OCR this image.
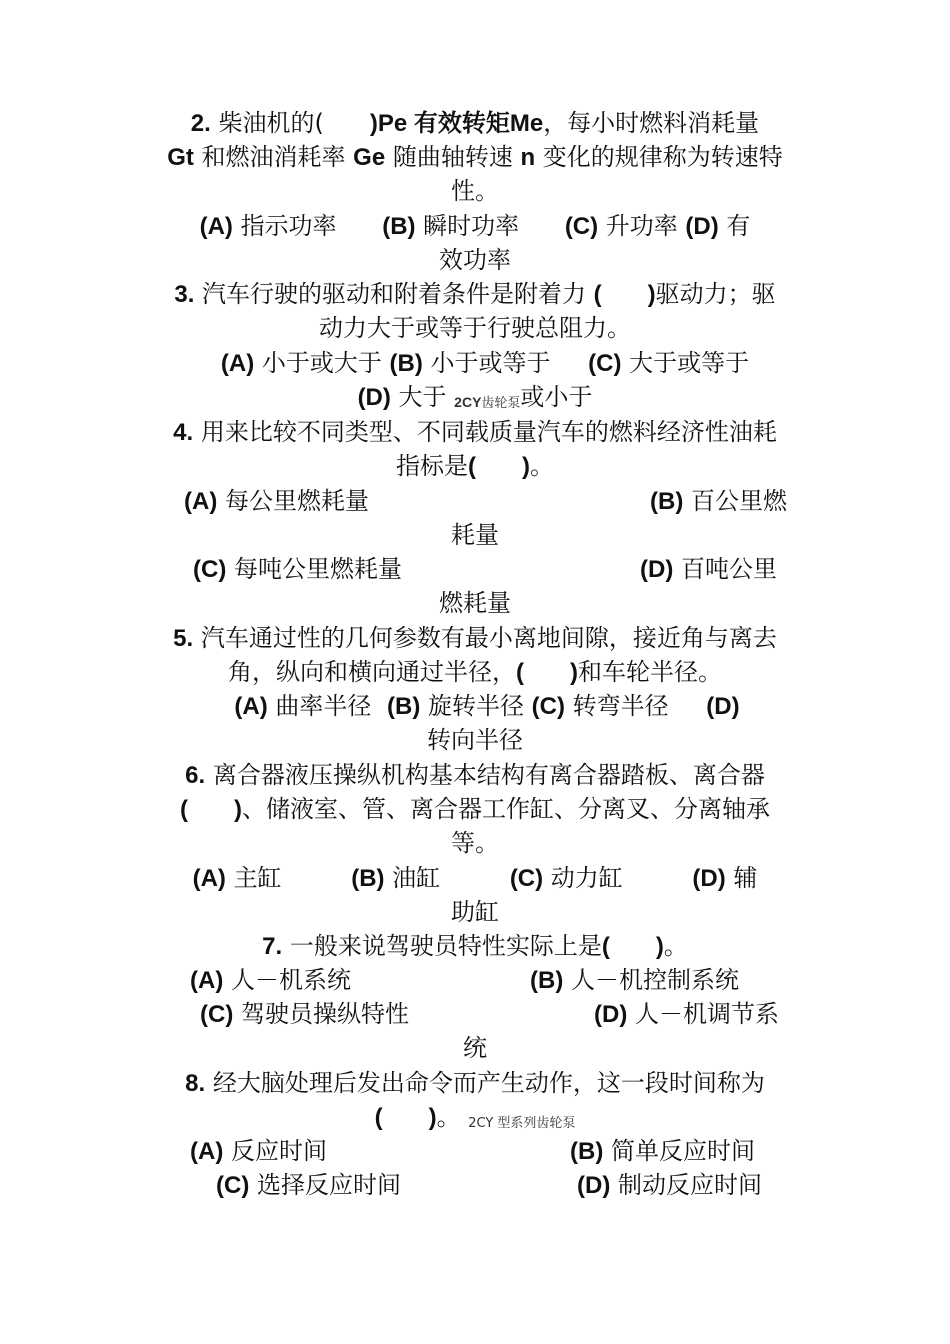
2. 柴油机的( )Pe 有效转矩Me，每小时燃料消耗量
Gt 和燃油消耗率 Ge 随曲轴转速 n 变化的规律称为转速特
性。
(A) 指示功率 (B) 瞬时功率 (C) 升功率 (D) 有
效功率
3. 汽车行驶的驱动和附着条件是附着力 ( )驱动力；驱
动力大于或等于行驶总阻力。
(A) 小于或大于 (B) 小于或等于 (C) 大于或等于
(D) 大于 2CY齿轮泵或小于
4. 用来比较不同类型、不同载质量汽车的燃料经济性油耗
指标是( )。
(A) 每公里燃耗量	(B) 百公里燃
耗量
(C) 每吨公里燃耗量	(D) 百吨公里
燃耗量
5. 汽车通过性的几何参数有最小离地间隙，接近角与离去
角，纵向和横向通过半径，( )和车轮半径。
(A) 曲率半径 (B) 旋转半径 (C) 转弯半径 (D)
转向半径
6. 离合器液压操纵机构基本结构有离合器踏板、离合器
( )、储液室、管、离合器工作缸、分离叉、分离轴承
等。
(A) 主缸	(B) 油缸	(C) 动力缸	(D) 辅
助缸
7. 一般来说驾驶员特性实际上是( )。
(A) 人－机系统	(B) 人－机控制系统
(C) 驾驶员操纵特性	(D) 人－机调节系
统
8. 经大脑处理后发出命令而产生动作，这一段时间称为
( )。 2CY 型系列齿轮泵
(A) 反应时间	(B) 简单反应时间
(C) 选择反应时间	(D) 制动反应时间
